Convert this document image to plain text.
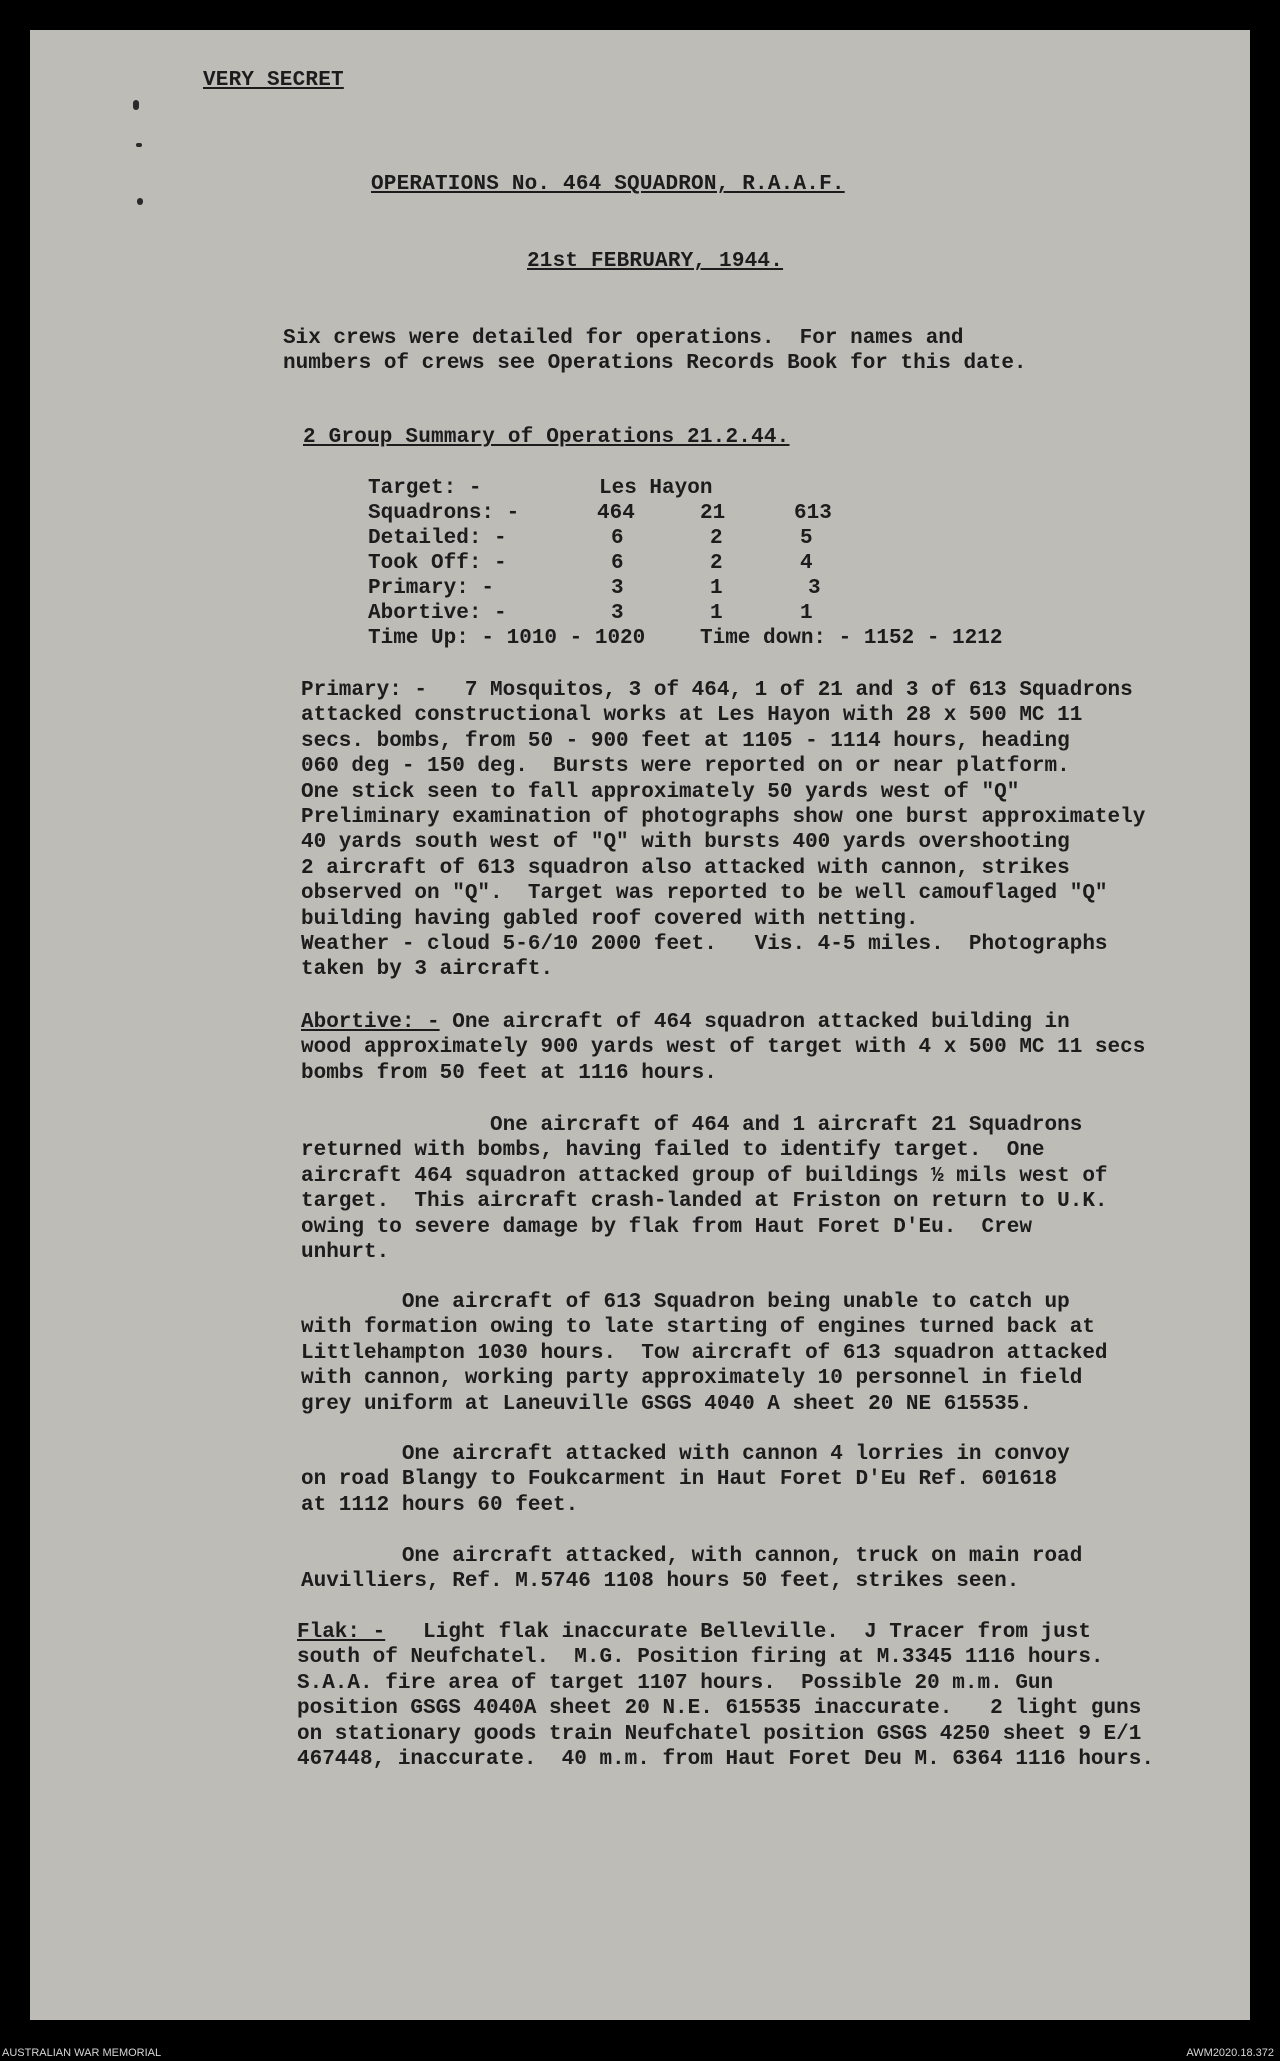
VERY SECRET
OPERATIONS No. 464 SQUADRON, R.A.A.F.
21st FEBRUARY, 1944.
Six crews were detailed for operations.  For names and
numbers of crews see Operations Records Book for this date.
2 Group Summary of Operations 21.2.44.
Target: -	Les Hayon
Squadrons: -	464	21	613
Detailed: -	6	2	5
Took Off: -	6	2	4
Primary: -	3	1	3
Abortive: -	3	1	1
Time Up: - 1010 - 1020	Time down: - 1152 - 1212
Primary: -   7 Mosquitos, 3 of 464, 1 of 21 and 3 of 613 Squadrons
attacked constructional works at Les Hayon with 28 x 500 MC 11
secs. bombs, from 50 - 900 feet at 1105 - 1114 hours, heading
060 deg - 150 deg.  Bursts were reported on or near platform.
One stick seen to fall approximately 50 yards west of "Q"
Preliminary examination of photographs show one burst approximately
40 yards south west of "Q" with bursts 400 yards overshooting
2 aircraft of 613 squadron also attacked with cannon, strikes
observed on "Q".  Target was reported to be well camouflaged "Q"
building having gabled roof covered with netting.
Weather - cloud 5-6/10 2000 feet.   Vis. 4-5 miles.  Photographs
taken by 3 aircraft.
Abortive: - One aircraft of 464 squadron attacked building in
wood approximately 900 yards west of target with 4 x 500 MC 11 secs
bombs from 50 feet at 1116 hours.
One aircraft of 464 and 1 aircraft 21 Squadrons
returned with bombs, having failed to identify target.  One
aircraft 464 squadron attacked group of buildings ½ mils west of
target.  This aircraft crash-landed at Friston on return to U.K.
owing to severe damage by flak from Haut Foret D'Eu.  Crew
unhurt.
One aircraft of 613 Squadron being unable to catch up
with formation owing to late starting of engines turned back at
Littlehampton 1030 hours.  Tow aircraft of 613 squadron attacked
with cannon, working party approximately 10 personnel in field
grey uniform at Laneuville GSGS 4040 A sheet 20 NE 615535.
One aircraft attacked with cannon 4 lorries in convoy
on road Blangy to Foukcarment in Haut Foret D'Eu Ref. 601618
at 1112 hours 60 feet.
One aircraft attacked, with cannon, truck on main road
Auvilliers, Ref. M.5746 1108 hours 50 feet, strikes seen.
Flak: -   Light flak inaccurate Belleville.  J Tracer from just
south of Neufchatel.  M.G. Position firing at M.3345 1116 hours.
S.A.A. fire area of target 1107 hours.  Possible 20 m.m. Gun
position GSGS 4040A sheet 20 N.E. 615535 inaccurate.   2 light guns
on stationary goods train Neufchatel position GSGS 4250 sheet 9 E/1
467448, inaccurate.  40 m.m. from Haut Foret Deu M. 6364 1116 hours.
AUSTRALIAN WAR MEMORIAL	AWM2020.18.372
